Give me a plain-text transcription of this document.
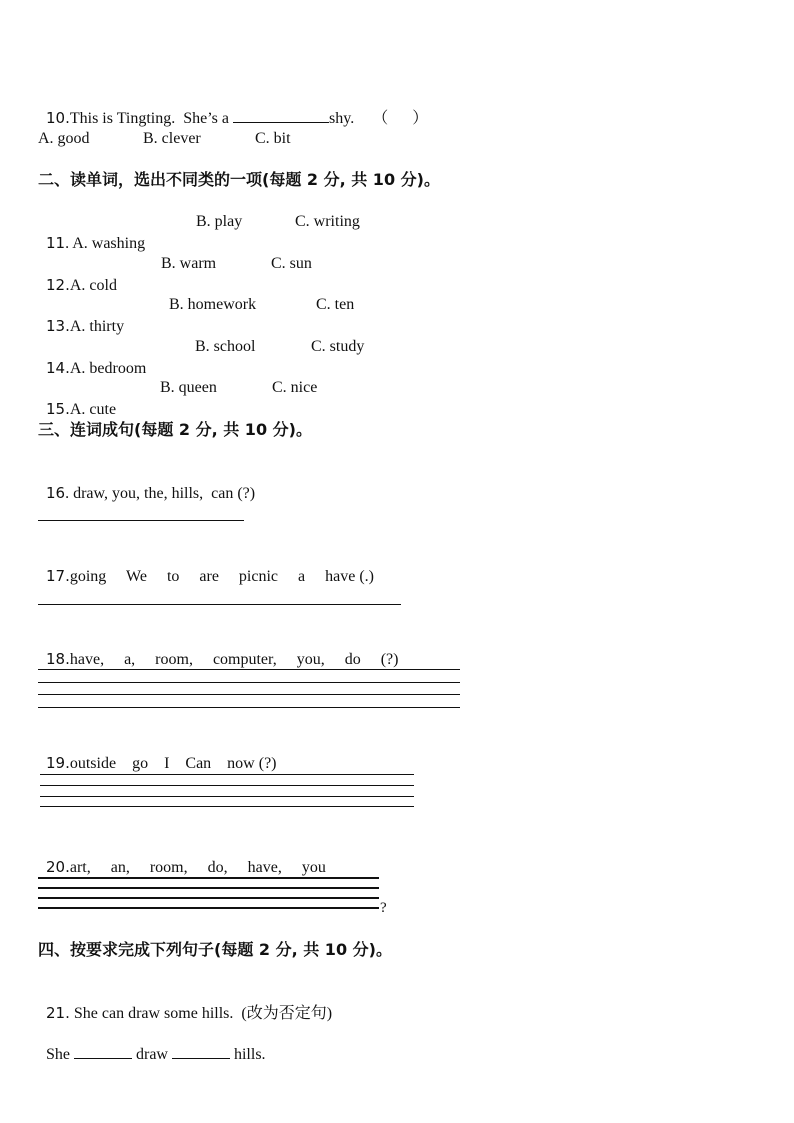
10.This is Tingting.  She’s a	shy. （      ）

A. good	B. clever	C. bit
二、读单词，选出不同类的一项(每题 2 分, 共 10 分)。

11. A. washing

B. play	C. writing

12.A. cold

B. warm	C. sun

13.A. thirty

B. homework	C. ten

14.A. bedroom

B. school	C. study

15.A. cute

B. queen	C. nice
三、连词成句(每题 2 分, 共 10 分)。

16. draw, you, the, hills,  can (?)

17.going     We     to     are     picnic     a     have (.)

18.have,     a,     room,     computer,     you,     do     (?)

19.outside    go    I    Can    now (?)

20.art,     an,     room,     do,     have,     you

?
四、按要求完成下列句子(每题 2 分, 共 10 分)。

21. She can draw some hills.  (改为否定句)

She	draw	hills.
